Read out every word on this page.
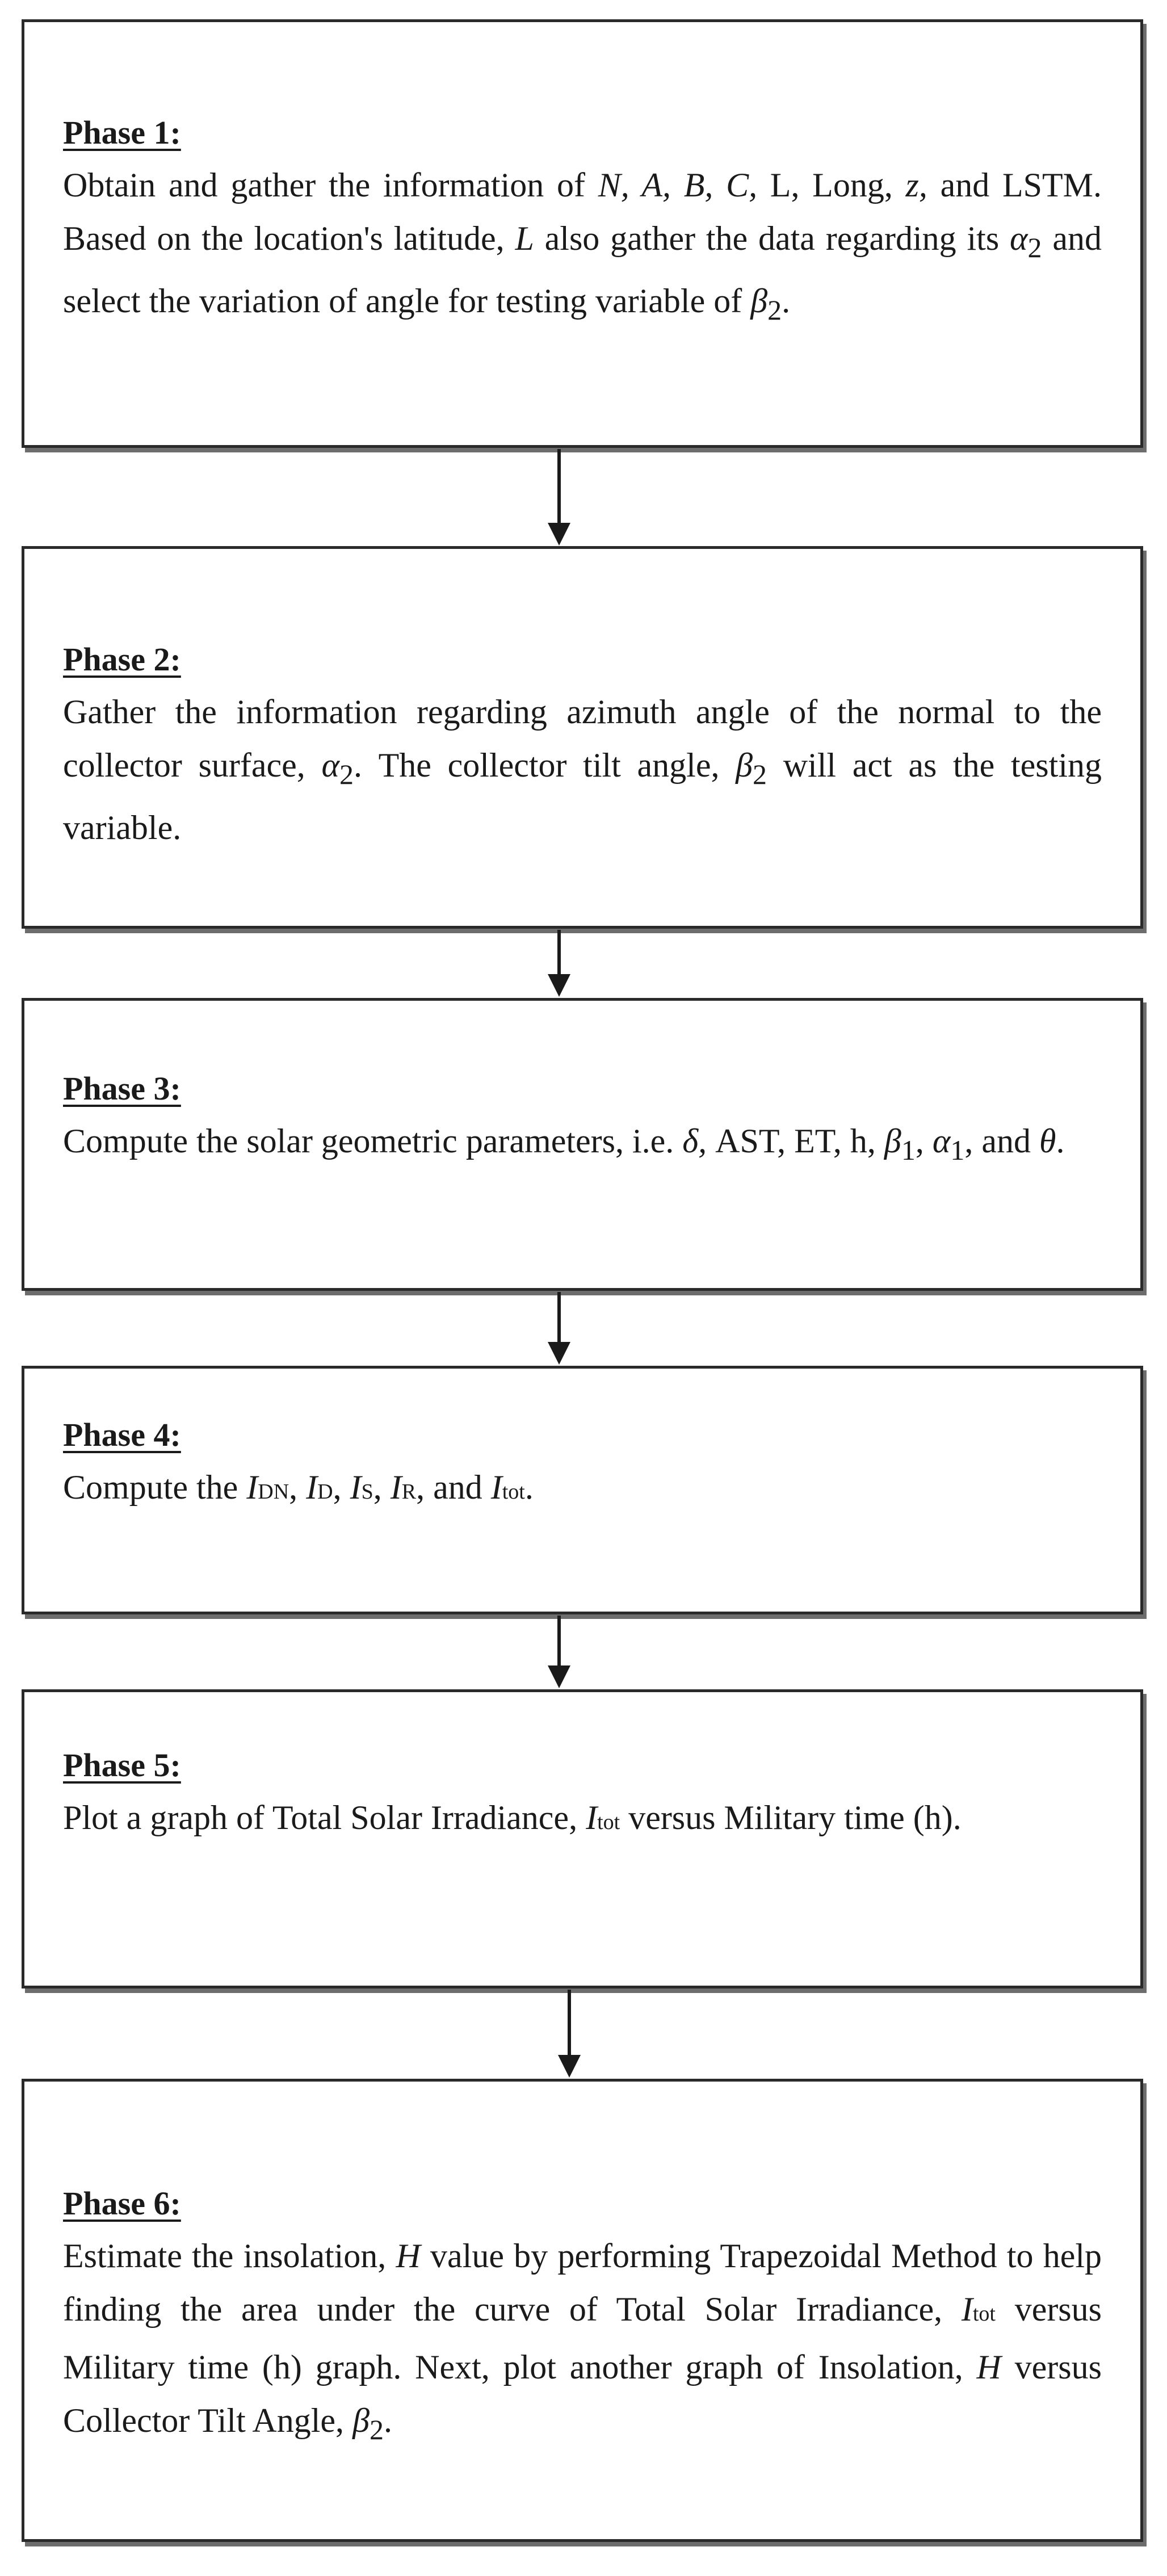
Phase 1:

Obtain and gather the information of N, A, B, C, L, Long, z, and LSTM. Based on the location's latitude, L also gather the data regarding its $\alpha_2$ and select the variation of angle for testing variable of $\beta_2$.

Phase 2:

Gather the information regarding azimuth angle of the normal to the collector surface, $\alpha_2$. The collector tilt angle, $\beta_2$ will act as the testing variable.

Phase 3:

Compute the solar geometric parameters, i.e. δ, AST, ET, h, $\beta_1$, $\alpha_1$, and θ.

Phase 4:

Compute the IDN, ID, IS, IR, and Itot.

Phase 5:

Plot a graph of Total Solar Irradiance, Itot versus Military time (h).

Phase 6:

Estimate the insolation, H value by performing Trapezoidal Method to help finding the area under the curve of Total Solar Irradiance, Itot versus Military time (h) graph. Next, plot another graph of Insolation, H versus Collector Tilt Angle, $\beta_2$.
